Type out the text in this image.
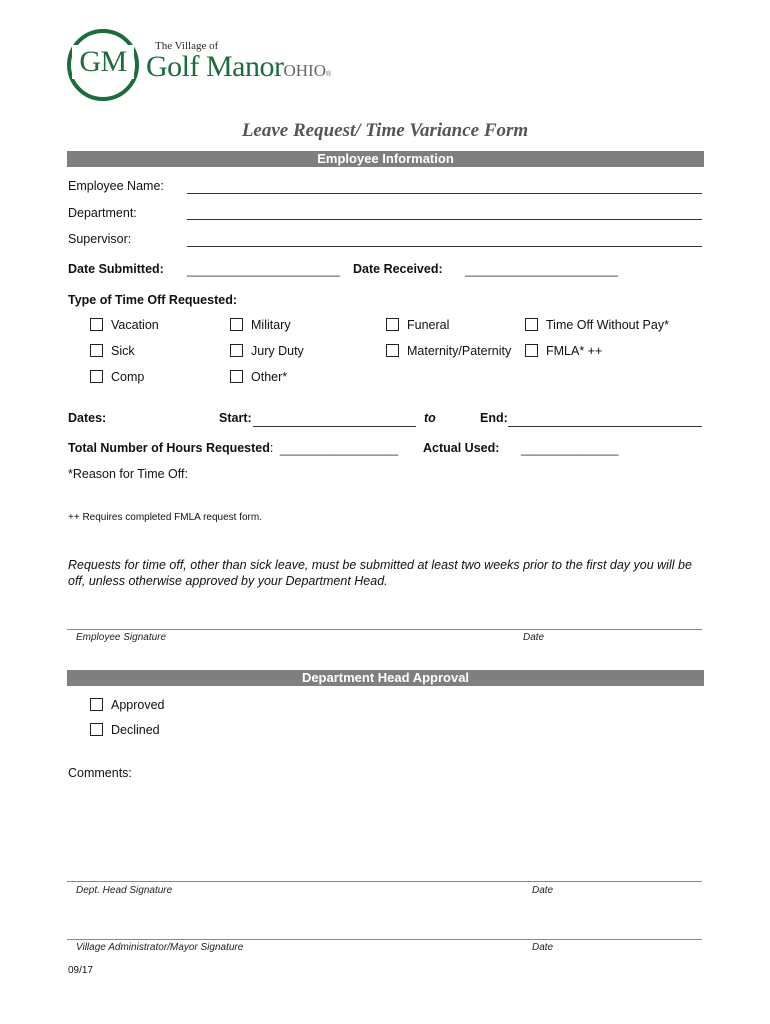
GM	The Village of
Golf ManorOHIO®
Leave Request/ Time Variance Form
Employee Information
Employee Name:
Department:
Supervisor:
Date Submitted: ______________________ Date Received: ______________________
Type of Time Off Requested:
Vacation	Military	Funeral	Time Off Without Pay*
Sick	Jury Duty	Maternity/Paternity	FMLA* ++
Comp	Other*
Dates:	Start:	to	End:
Total Number of Hours Requested: _________________ Actual Used: ______________
*Reason for Time Off:
++ Requires completed FMLA request form.
Requests for time off, other than sick leave, must be submitted at least two weeks prior to the first day you will be off, unless otherwise approved by your Department Head.
Employee Signature	Date
Department Head Approval
Approved
Declined
Comments:
Dept. Head Signature	Date
Village Administrator/Mayor Signature	Date
09/17
